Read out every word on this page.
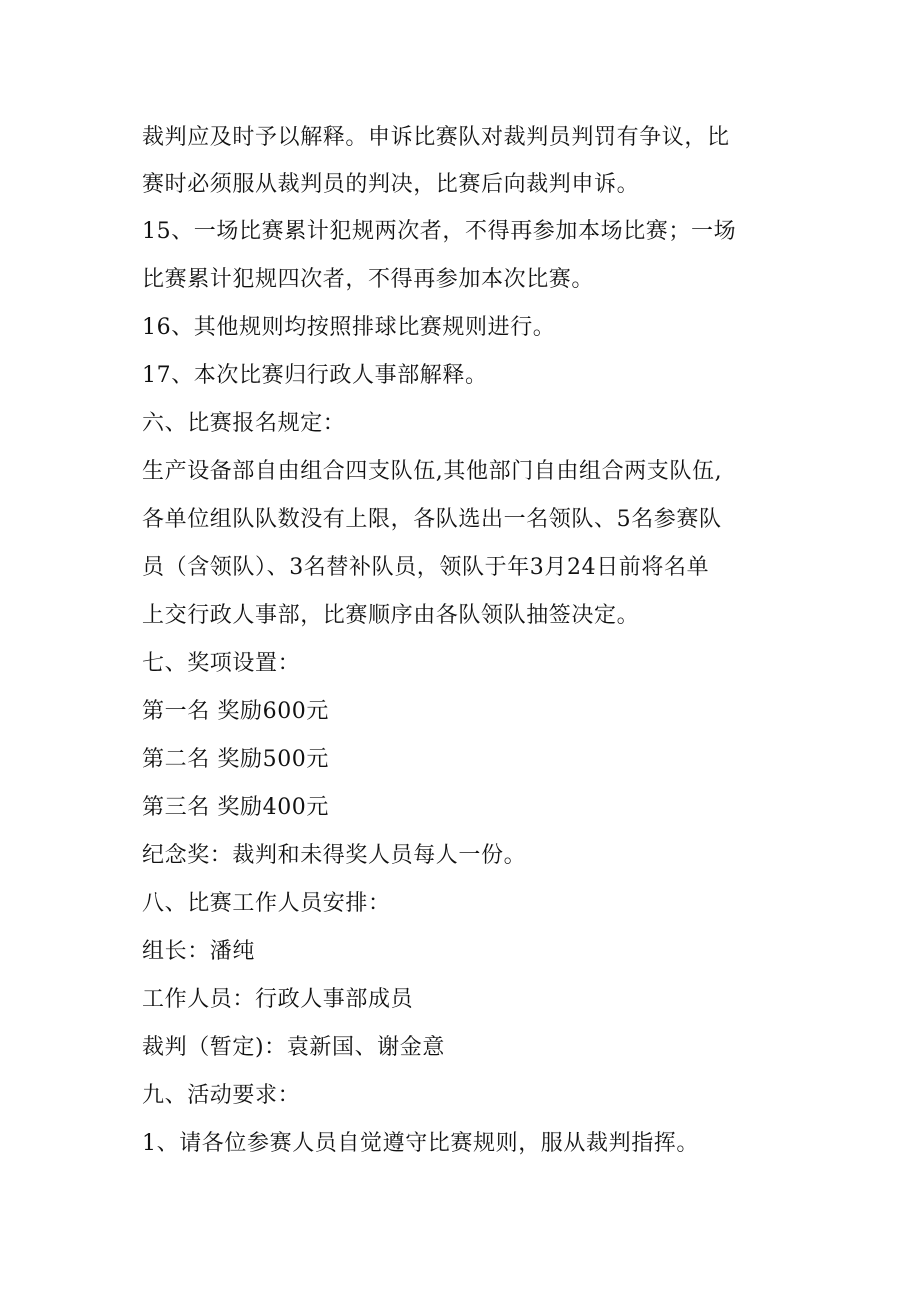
裁判应及时予以解释。申诉比赛队对裁判员判罚有争议，比
赛时必须服从裁判员的判决，比赛后向裁判申诉。
15、一场比赛累计犯规两次者，不得再参加本场比赛；一场
比赛累计犯规四次者，不得再参加本次比赛。
16、其他规则均按照排球比赛规则进行。
17、本次比赛归行政人事部解释。
六、比赛报名规定：
生产设备部自由组合四支队伍,其他部门自由组合两支队伍,
各单位组队队数没有上限，各队选出一名领队、5名参赛队
员（含领队）、3名替补队员，领队于年3月24日前将名单
上交行政人事部，比赛顺序由各队领队抽签决定。
七、奖项设置：
第一名 奖励600元
第二名 奖励500元
第三名 奖励400元
纪念奖：裁判和未得奖人员每人一份。
八、比赛工作人员安排：
组长：潘纯
工作人员：行政人事部成员
裁判（暂定)：袁新国、谢金意
九、活动要求：
1、请各位参赛人员自觉遵守比赛规则，服从裁判指挥。
